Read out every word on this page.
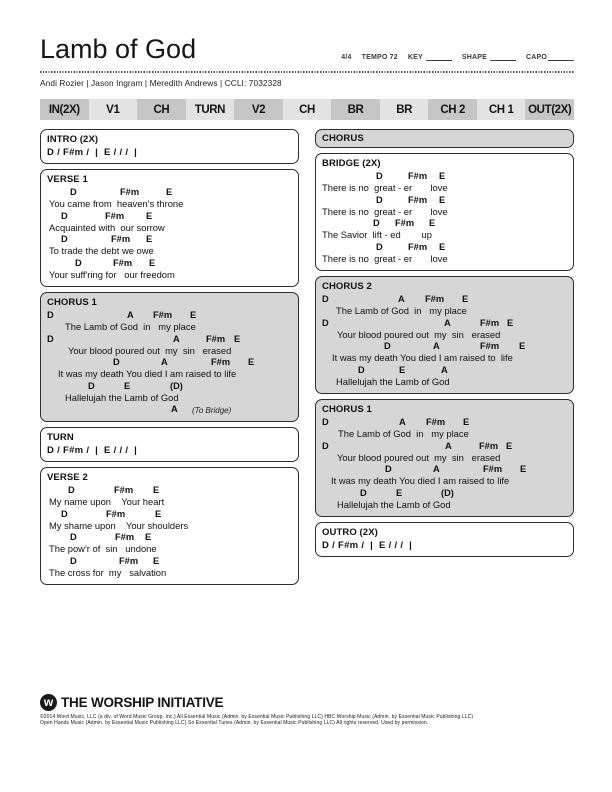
Lamb of God	4/4 TEMPO 72 KEY	SHAPE	CAPO
Andi Rozier | Jason Ingram | Meredith Andrews | CCLI: 7032328
IN(2X)	V1	CH	TURN	V2	CH	BR	BR	CH 2	CH 1	OUT(2X)
INTRO (2X)
D / F#m /  |  E / / /  |
VERSE 1
D	F#m	E
You came from  heaven's throne
D	F#m E
Acquainted with  our sorrow
D	F#m E
To trade the debt we owe
D	F#m E
Your suff'ring for   our freedom
CHORUS 1
D	A F#m E
The Lamb of God  in   my place
D	A	F#m E
Your blood poured out  my  sin   erased
D	A	F#m E
It was my death You died I am raised to life
D	E	(D)
Hallelujah the Lamb of God
A (To Bridge)
TURN
D / F#m /  |  E / / /  |
VERSE 2
D	F#m E
My name upon    Your heart
D	F#m	E
My shame upon    Your shoulders
D	F#m E
The pow'r of  sin   undone
D	F#m E
The cross for  my   salvation
CHORUS
BRIDGE (2X)
D	F#m E
There is no  great - er       love
D	F#m E
There is no  great - er       love
D F#m E
The Savior  lift - ed        up
D	F#m E
There is no  great - er       love
CHORUS 2
D	A F#m E
The Lamb of God  in   my place
D	A	F#m E
Your blood poured out  my  sin   erased
D	A	F#m E
It was my death You died I am raised to  life
D	E	A
Hallelujah the Lamb of God
CHORUS 1
D	A F#m E
The Lamb of God  in   my place
D	A	F#m E
Your blood poured out  my  sin   erased
D	A	F#m E
It was my death You died I am raised to life
D	E	(D)
Hallelujah the Lamb of God
OUTRO (2X)
D / F#m /  |  E / / /  |
w THE WORSHIP INITIATIVE
©2014 Word Music, LLC (a div. of Word Music Group, Inc.) All Essential Music (Admin. by Essential Music Publishing LLC) HBC Worship Music (Admin. by Essential Music Publishing LLC)
Open Hands Music (Admin. by Essential Music Publishing LLC) So Essential Tunes (Admin. by Essential Music Publishing LLC) All rights reserved. Used by permission.
